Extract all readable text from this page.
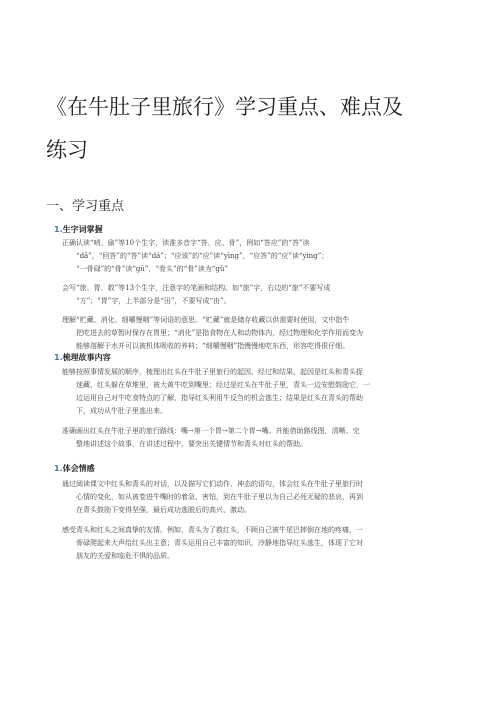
《在牛肚子里旅行》学习重点、难点及
练习
一、学习重点
1.生字词掌握

正确认读“哨、偷”等10个生字，读准多音字“答、应、骨”，例如“答应”的“答”读
“dā”，“回答”的“答”读“dá”；“应该”的“应”读“yīng”，“应答”的“应”读“yìng”；
“一骨碌”的“骨”读“gū”，“骨头”的“骨”读为“gǔ”

会写“旅、胃、救”等13个生字，注意字的笔画和结构。如“旅”字，右边的“旅”不要写成
“方”；“胃”字，上半部分是“田”，不要写成“由”。

理解“贮藏、消化、细嚼慢咽”等词语的意思。“贮藏”就是储存收藏以供需要时使用，文中指牛
把吃进去的草暂时保存在胃里；“消化”是指食物在人和动物体内，经过物理和化学作用而变为
能够溶解于水并可以被机体吸收的养料；“细嚼慢咽”指慢慢地吃东西，形容吃得很仔细。

1.梳理故事内容

能够按照事情发展的顺序，梳理出红头在牛肚子里旅行的起因、经过和结果。起因是红头和青头捉
迷藏，红头躲在草堆里，被大黄牛吃到嘴里；经过是红头在牛肚子里，青头一边安慰鼓励它，一
边运用自己对牛吃食特点的了解，指导红头利用牛反刍的机会逃生；结果是红头在青头的帮助
下，成功从牛肚子里逃出来。

准确画出红头在牛肚子里的旅行路线：嘴→第一个胃→第二个胃→嘴。并能借助路线图，清晰、完
整地讲述这个故事，在讲述过程中，要突出关键情节和青头对红头的帮助。

1.体会情感

通过阅读课文中红头和青头的对话，以及描写它们动作、神态的语句，体会红头在牛肚子里旅行时
心情的变化，如从被卷进牛嘴时的着急、害怕，到在牛肚子里以为自己必死无疑的悲哀，再到
在青头鼓励下变得坚强，最后成功逃脱后的高兴、激动。

感受青头和红头之间真挚的友情。例如，青头为了救红头，不顾自己被牛尾巴摔倒在地的疼痛，一
骨碌爬起来大声给红头出主意；青头运用自己丰富的知识，冷静地指导红头逃生，体现了它对
朋友的关爱和临危不惧的品质。
